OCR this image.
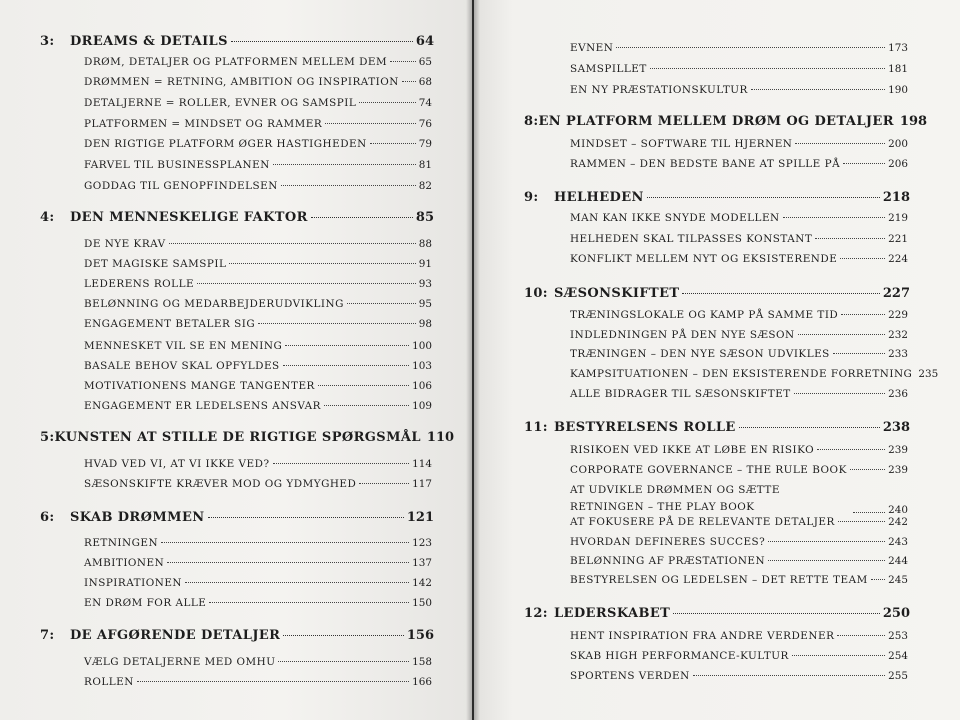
3:	DREAMS & DETAILS	64
DRØM, DETALJER OG PLATFORMEN MELLEM DEM	65
DRØMMEN = RETNING, AMBITION OG INSPIRATION 68
DETALJERNE = ROLLER, EVNER OG SAMSPIL	74
PLATFORMEN = MINDSET OG RAMMER	76
DEN RIGTIGE PLATFORM ØGER HASTIGHEDEN	79
FARVEL TIL BUSINESSPLANEN	81
GODDAG TIL GENOPFINDELSEN	82
4:	DEN MENNESKELIGE FAKTOR	85
DE NYE KRAV	88
DET MAGISKE SAMSPIL	91
LEDERENS ROLLE	93
BELØNNING OG MEDARBEJDERUDVIKLING	95
ENGAGEMENT BETALER SIG	98
MENNESKET VIL SE EN MENING	100
BASALE BEHOV SKAL OPFYLDES	103
MOTIVATIONENS MANGE TANGENTER	106
ENGAGEMENT ER LEDELSENS ANSVAR	109
5: KUNSTEN AT STILLE DE RIGTIGE SPØRGSMÅL 110
HVAD VED VI, AT VI IKKE VED?	114
SÆSONSKIFTE KRÆVER MOD OG YDMYGHED	117
6:	SKAB DRØMMEN	121
RETNINGEN	123
AMBITIONEN	137
INSPIRATIONEN	142
EN DRØM FOR ALLE	150
7:	DE AFGØRENDE DETALJER	156
VÆLG DETALJERNE MED OMHU	158
ROLLEN	166
EVNEN	173
SAMSPILLET	181
EN NY PRÆSTATIONSKULTUR	190
8: EN PLATFORM MELLEM DRØM OG DETALJER 198
MINDSET – SOFTWARE TIL HJERNEN	200
RAMMEN – DEN BEDSTE BANE AT SPILLE PÅ	206
9:	HELHEDEN	218
MAN KAN IKKE SNYDE MODELLEN	219
HELHEDEN SKAL TILPASSES KONSTANT	221
KONFLIKT MELLEM NYT OG EKSISTERENDE	224
10: SÆSONSKIFTET	227
TRÆNINGSLOKALE OG KAMP PÅ SAMME TID	229
INDLEDNINGEN PÅ DEN NYE SÆSON	232
TRÆNINGEN – DEN NYE SÆSON UDVIKLES	233
KAMPSITUATIONEN – DEN EKSISTERENDE FORRETNING 235
ALLE BIDRAGER TIL SÆSONSKIFTET	236
11: BESTYRELSENS ROLLE	238
RISIKOEN VED IKKE AT LØBE EN RISIKO	239
CORPORATE GOVERNANCE – THE RULE BOOK	239
AT UDVIKLE DRØMMEN OG SÆTTE RETNINGEN – THE PLAY BOOK	240
AT FOKUSERE PÅ DE RELEVANTE DETALJER	242
HVORDAN DEFINERES SUCCES?	243
BELØNNING AF PRÆSTATIONEN	244
BESTYRELSEN OG LEDELSEN – DET RETTE TEAM 245
12: LEDERSKABET	250
HENT INSPIRATION FRA ANDRE VERDENER	253
SKAB HIGH PERFORMANCE-KULTUR	254
SPORTENS VERDEN	255
